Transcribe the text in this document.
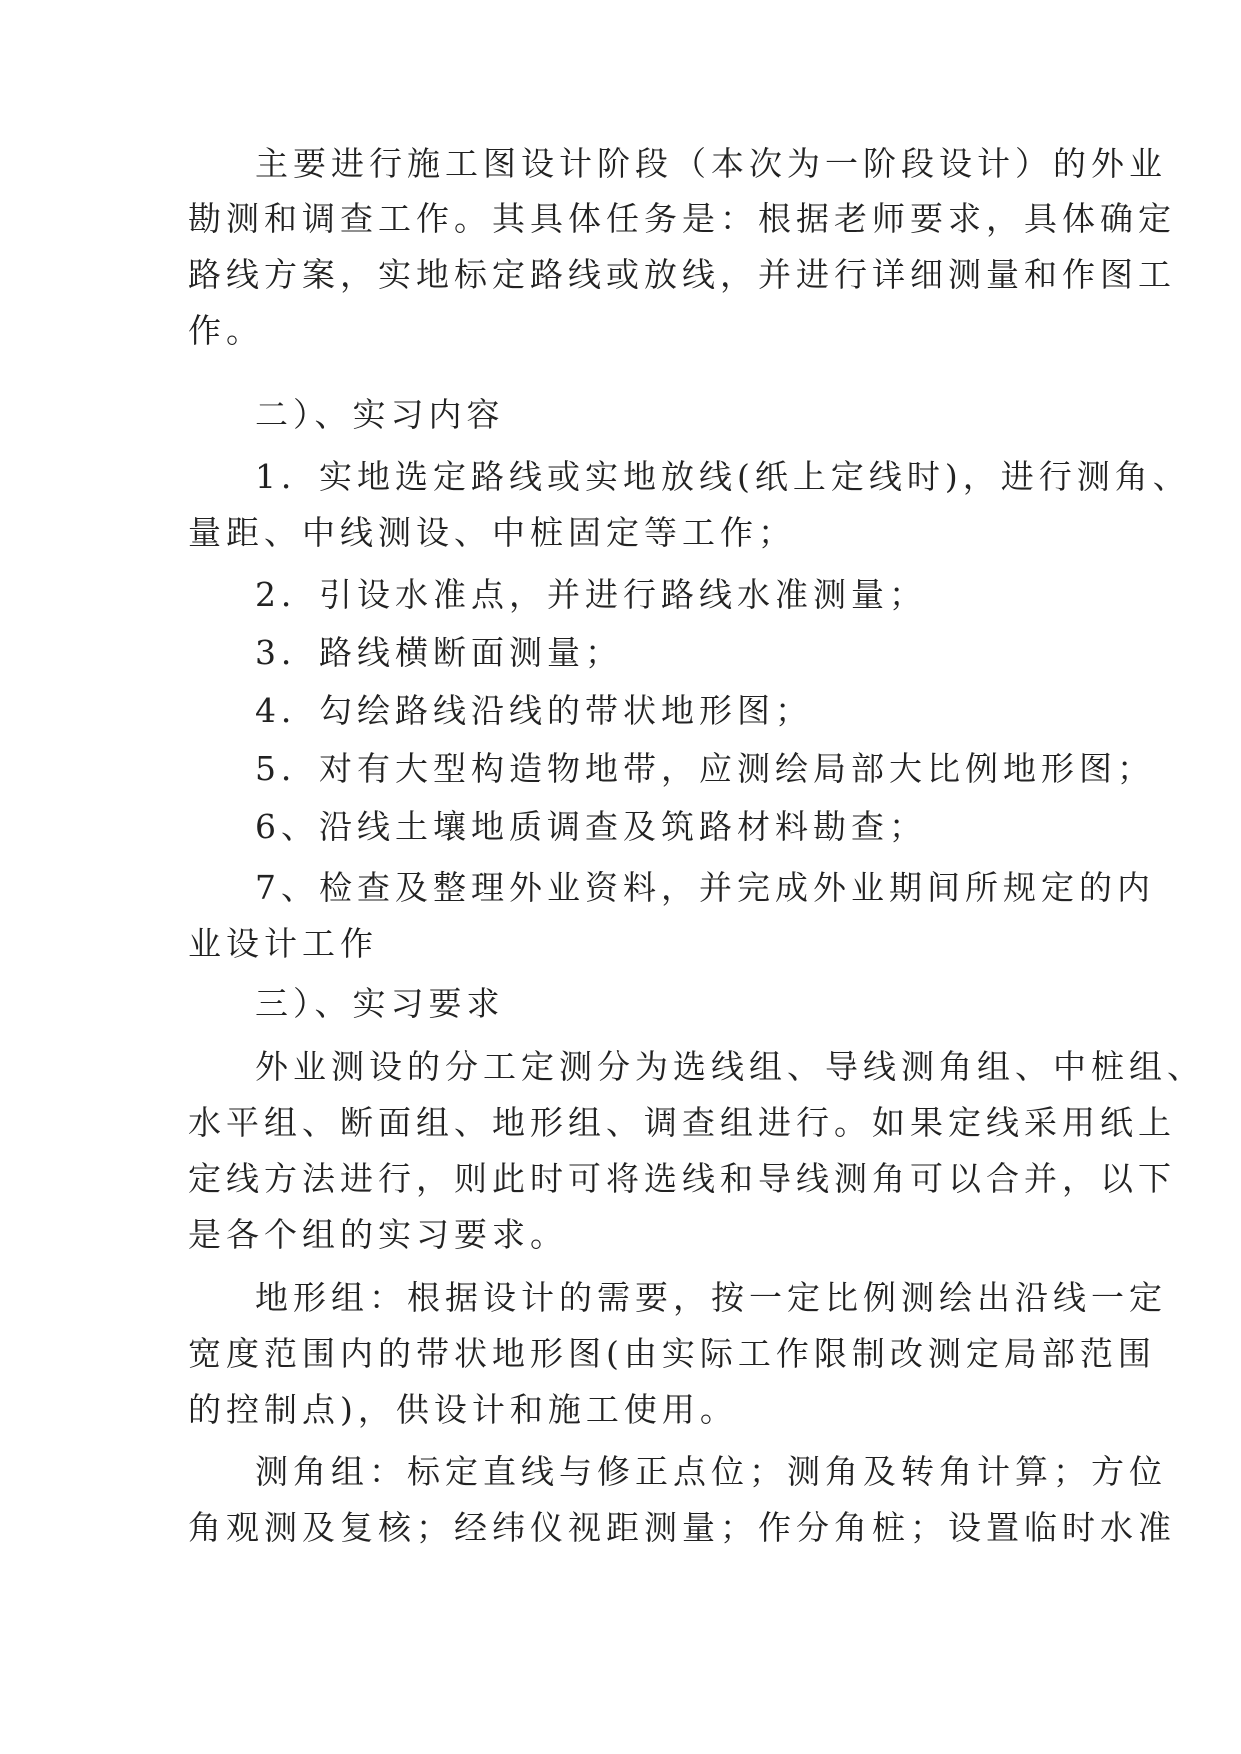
主要进行施工图设计阶段（本次为一阶段设计）的外业
勘测和调查工作。其具体任务是：根据老师要求，具体确定
路线方案，实地标定路线或放线，并进行详细测量和作图工
作。
二）、实习内容
1．实地选定路线或实地放线(纸上定线时)，进行测角、
量距、中线测设、中桩固定等工作；
2．引设水准点，并进行路线水准测量；
3．路线横断面测量；
4．勾绘路线沿线的带状地形图；
5．对有大型构造物地带，应测绘局部大比例地形图；
6、沿线土壤地质调查及筑路材料勘查；
7、检查及整理外业资料，并完成外业期间所规定的内
业设计工作
三）、实习要求
外业测设的分工定测分为选线组、导线测角组、中桩组、
水平组、断面组、地形组、调查组进行。如果定线采用纸上
定线方法进行，则此时可将选线和导线测角可以合并，以下
是各个组的实习要求。
地形组：根据设计的需要，按一定比例测绘出沿线一定
宽度范围内的带状地形图(由实际工作限制改测定局部范围
的控制点)，供设计和施工使用。
测角组：标定直线与修正点位；测角及转角计算；方位
角观测及复核；经纬仪视距测量；作分角桩；设置临时水准
